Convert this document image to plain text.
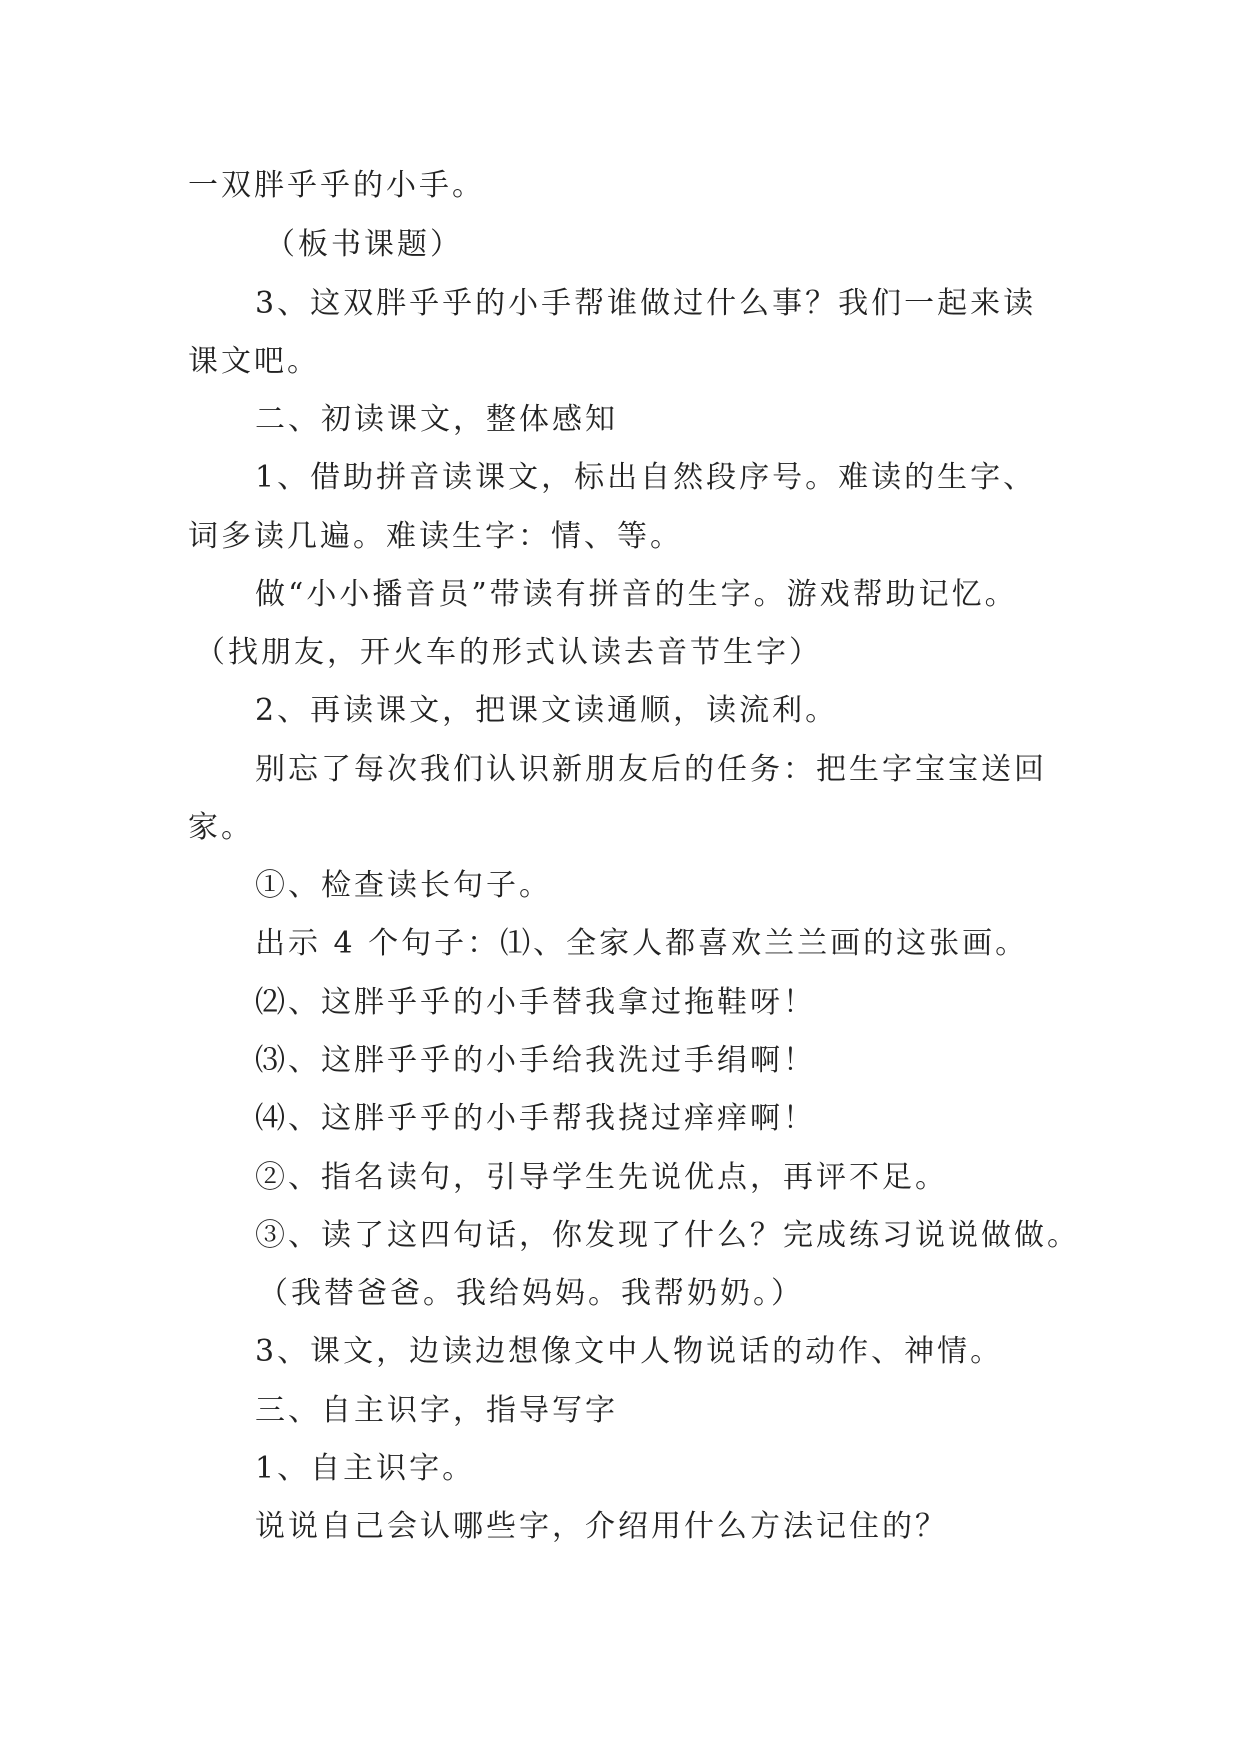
一双胖乎乎的小手。
（板书课题）
3、这双胖乎乎的小手帮谁做过什么事？我们一起来读
课文吧。
二、初读课文，整体感知
1、借助拼音读课文，标出自然段序号。难读的生字、
词多读几遍。难读生字：情、等。
做“小小播音员”带读有拼音的生字。游戏帮助记忆。
（找朋友，开火车的形式认读去音节生字）
2、再读课文，把课文读通顺，读流利。
别忘了每次我们认识新朋友后的任务：把生字宝宝送回
家。
①、检查读长句子。
出示 4 个句子：⑴、全家人都喜欢兰兰画的这张画。
⑵、这胖乎乎的小手替我拿过拖鞋呀！
⑶、这胖乎乎的小手给我洗过手绢啊！
⑷、这胖乎乎的小手帮我挠过痒痒啊！
②、指名读句，引导学生先说优点，再评不足。
③、读了这四句话，你发现了什么？完成练习说说做做。
（我替爸爸。我给妈妈。我帮奶奶。）
3、课文，边读边想像文中人物说话的动作、神情。
三、自主识字，指导写字
1、自主识字。
说说自己会认哪些字，介绍用什么方法记住的？
